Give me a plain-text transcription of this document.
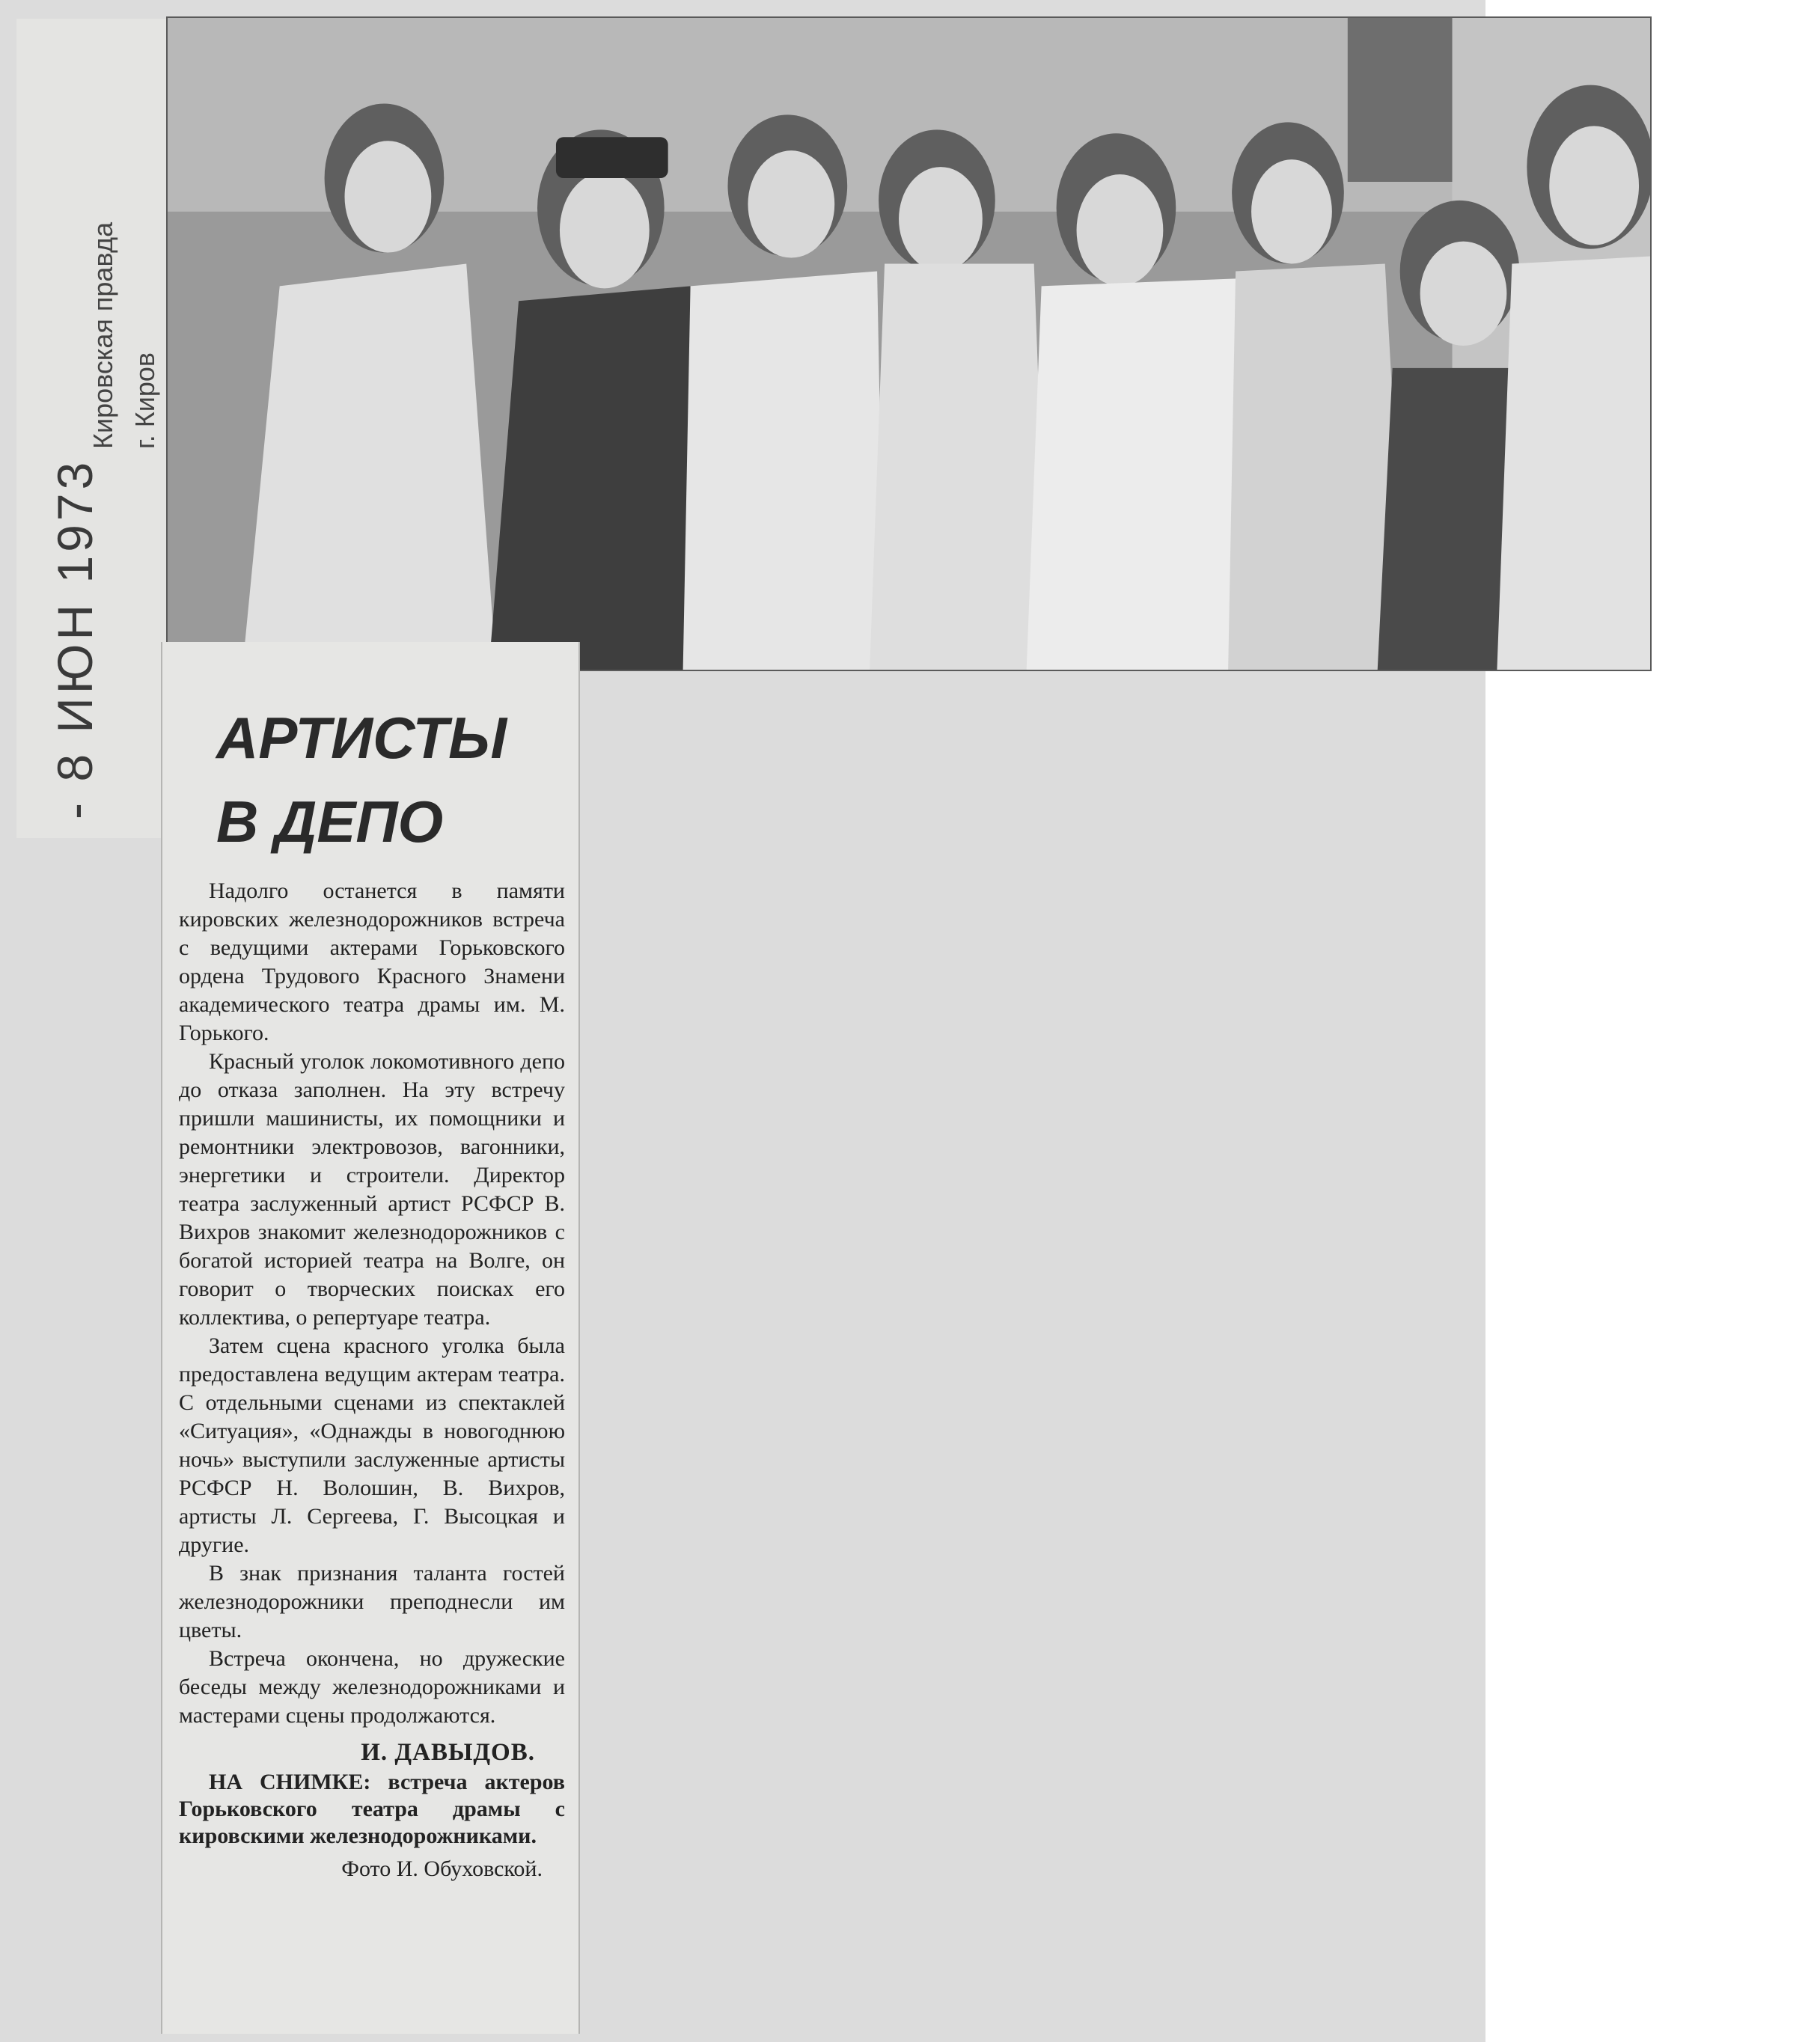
- 8 ИЮН 1973
Кировская правда г. Киров
АРТИСТЫ
В ДЕПО

Надолго останется в памяти кировских железнодорожников встреча с ведущими актерами Горьковского ордена Трудового Красного Знамени академического театра драмы им. М. Горького.

Красный уголок локомотивного депо до отказа заполнен. На эту встречу пришли машинисты, их помощники и ремонтники электровозов, вагонники, энергетики и строители. Директор театра заслуженный артист РСФСР В. Вихров знакомит железнодорожников с богатой историей театра на Волге, он говорит о творческих поисках его коллектива, о репертуаре театра.

Затем сцена красного уголка была предоставлена ведущим актерам театра. С отдельными сценами из спектаклей «Ситуация», «Однажды в новогоднюю ночь» выступили заслуженные артисты РСФСР Н. Волошин, В. Вихров, артисты Л. Сергеева, Г. Высоцкая и другие.

В знак признания таланта гостей железнодорожники преподнесли им цветы.

Встреча окончена, но дружеские беседы между железнодорожниками и мастерами сцены продолжаются.

И. ДАВЫДОВ.

НА СНИМКЕ: встреча актеров Горьковского театра драмы с кировскими железнодорожниками.

Фото И. Обуховской.
